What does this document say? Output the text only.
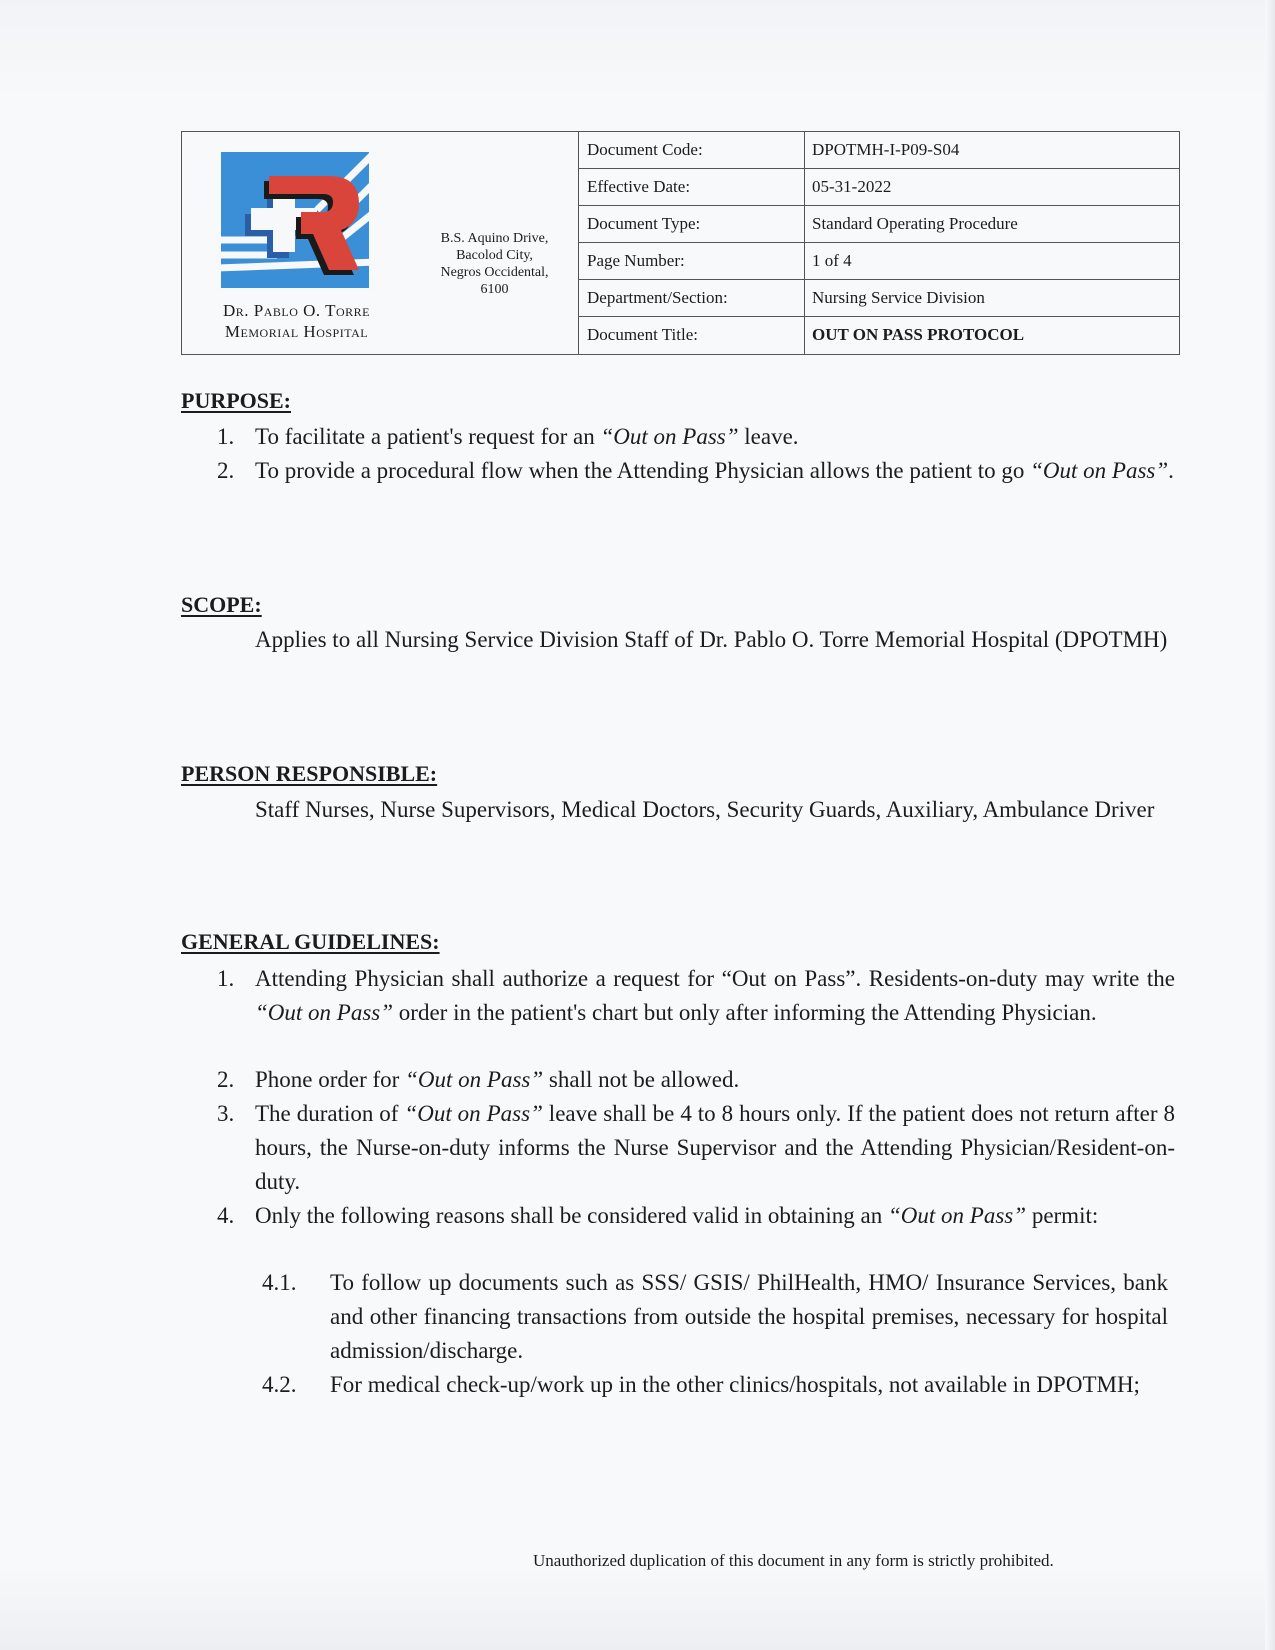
Dr. Pablo O. Torre
Memorial Hospital
B.S. Aquino Drive,
Bacolod City,
Negros Occidental,
6100
Document Code:	DPOTMH-I-P09-S04
Effective Date:	05-31-2022
Document Type:	Standard Operating Procedure
Page Number:	1 of 4
Department/Section:	Nursing Service Division
Document Title:	OUT ON PASS PROTOCOL
PURPOSE:
1. To facilitate a patient's request for an “Out on Pass” leave.
2. To provide a procedural flow when the Attending Physician allows the patient to go “Out on Pass”.
SCOPE:
Applies to all Nursing Service Division Staff of Dr. Pablo O. Torre Memorial Hospital (DPOTMH)
PERSON RESPONSIBLE:
Staff Nurses, Nurse Supervisors, Medical Doctors, Security Guards, Auxiliary, Ambulance Driver
GENERAL GUIDELINES:
1. Attending Physician shall authorize a request for “Out on Pass”. Residents-on-duty may write the “Out on Pass” order in the patient's chart but only after informing the Attending Physician.
2. Phone order for “Out on Pass” shall not be allowed.
3. The duration of “Out on Pass” leave shall be 4 to 8 hours only. If the patient does not return after 8 hours, the Nurse-on-duty informs the Nurse Supervisor and the Attending Physician/Resident-on-duty.
4. Only the following reasons shall be considered valid in obtaining an “Out on Pass” permit:
4.1. To follow up documents such as SSS/ GSIS/ PhilHealth, HMO/ Insurance Services, bank and other financing transactions from outside the hospital premises, necessary for hospital admission/discharge.
4.2. For medical check-up/work up in the other clinics/hospitals, not available in DPOTMH;
Unauthorized duplication of this document in any form is strictly prohibited.
